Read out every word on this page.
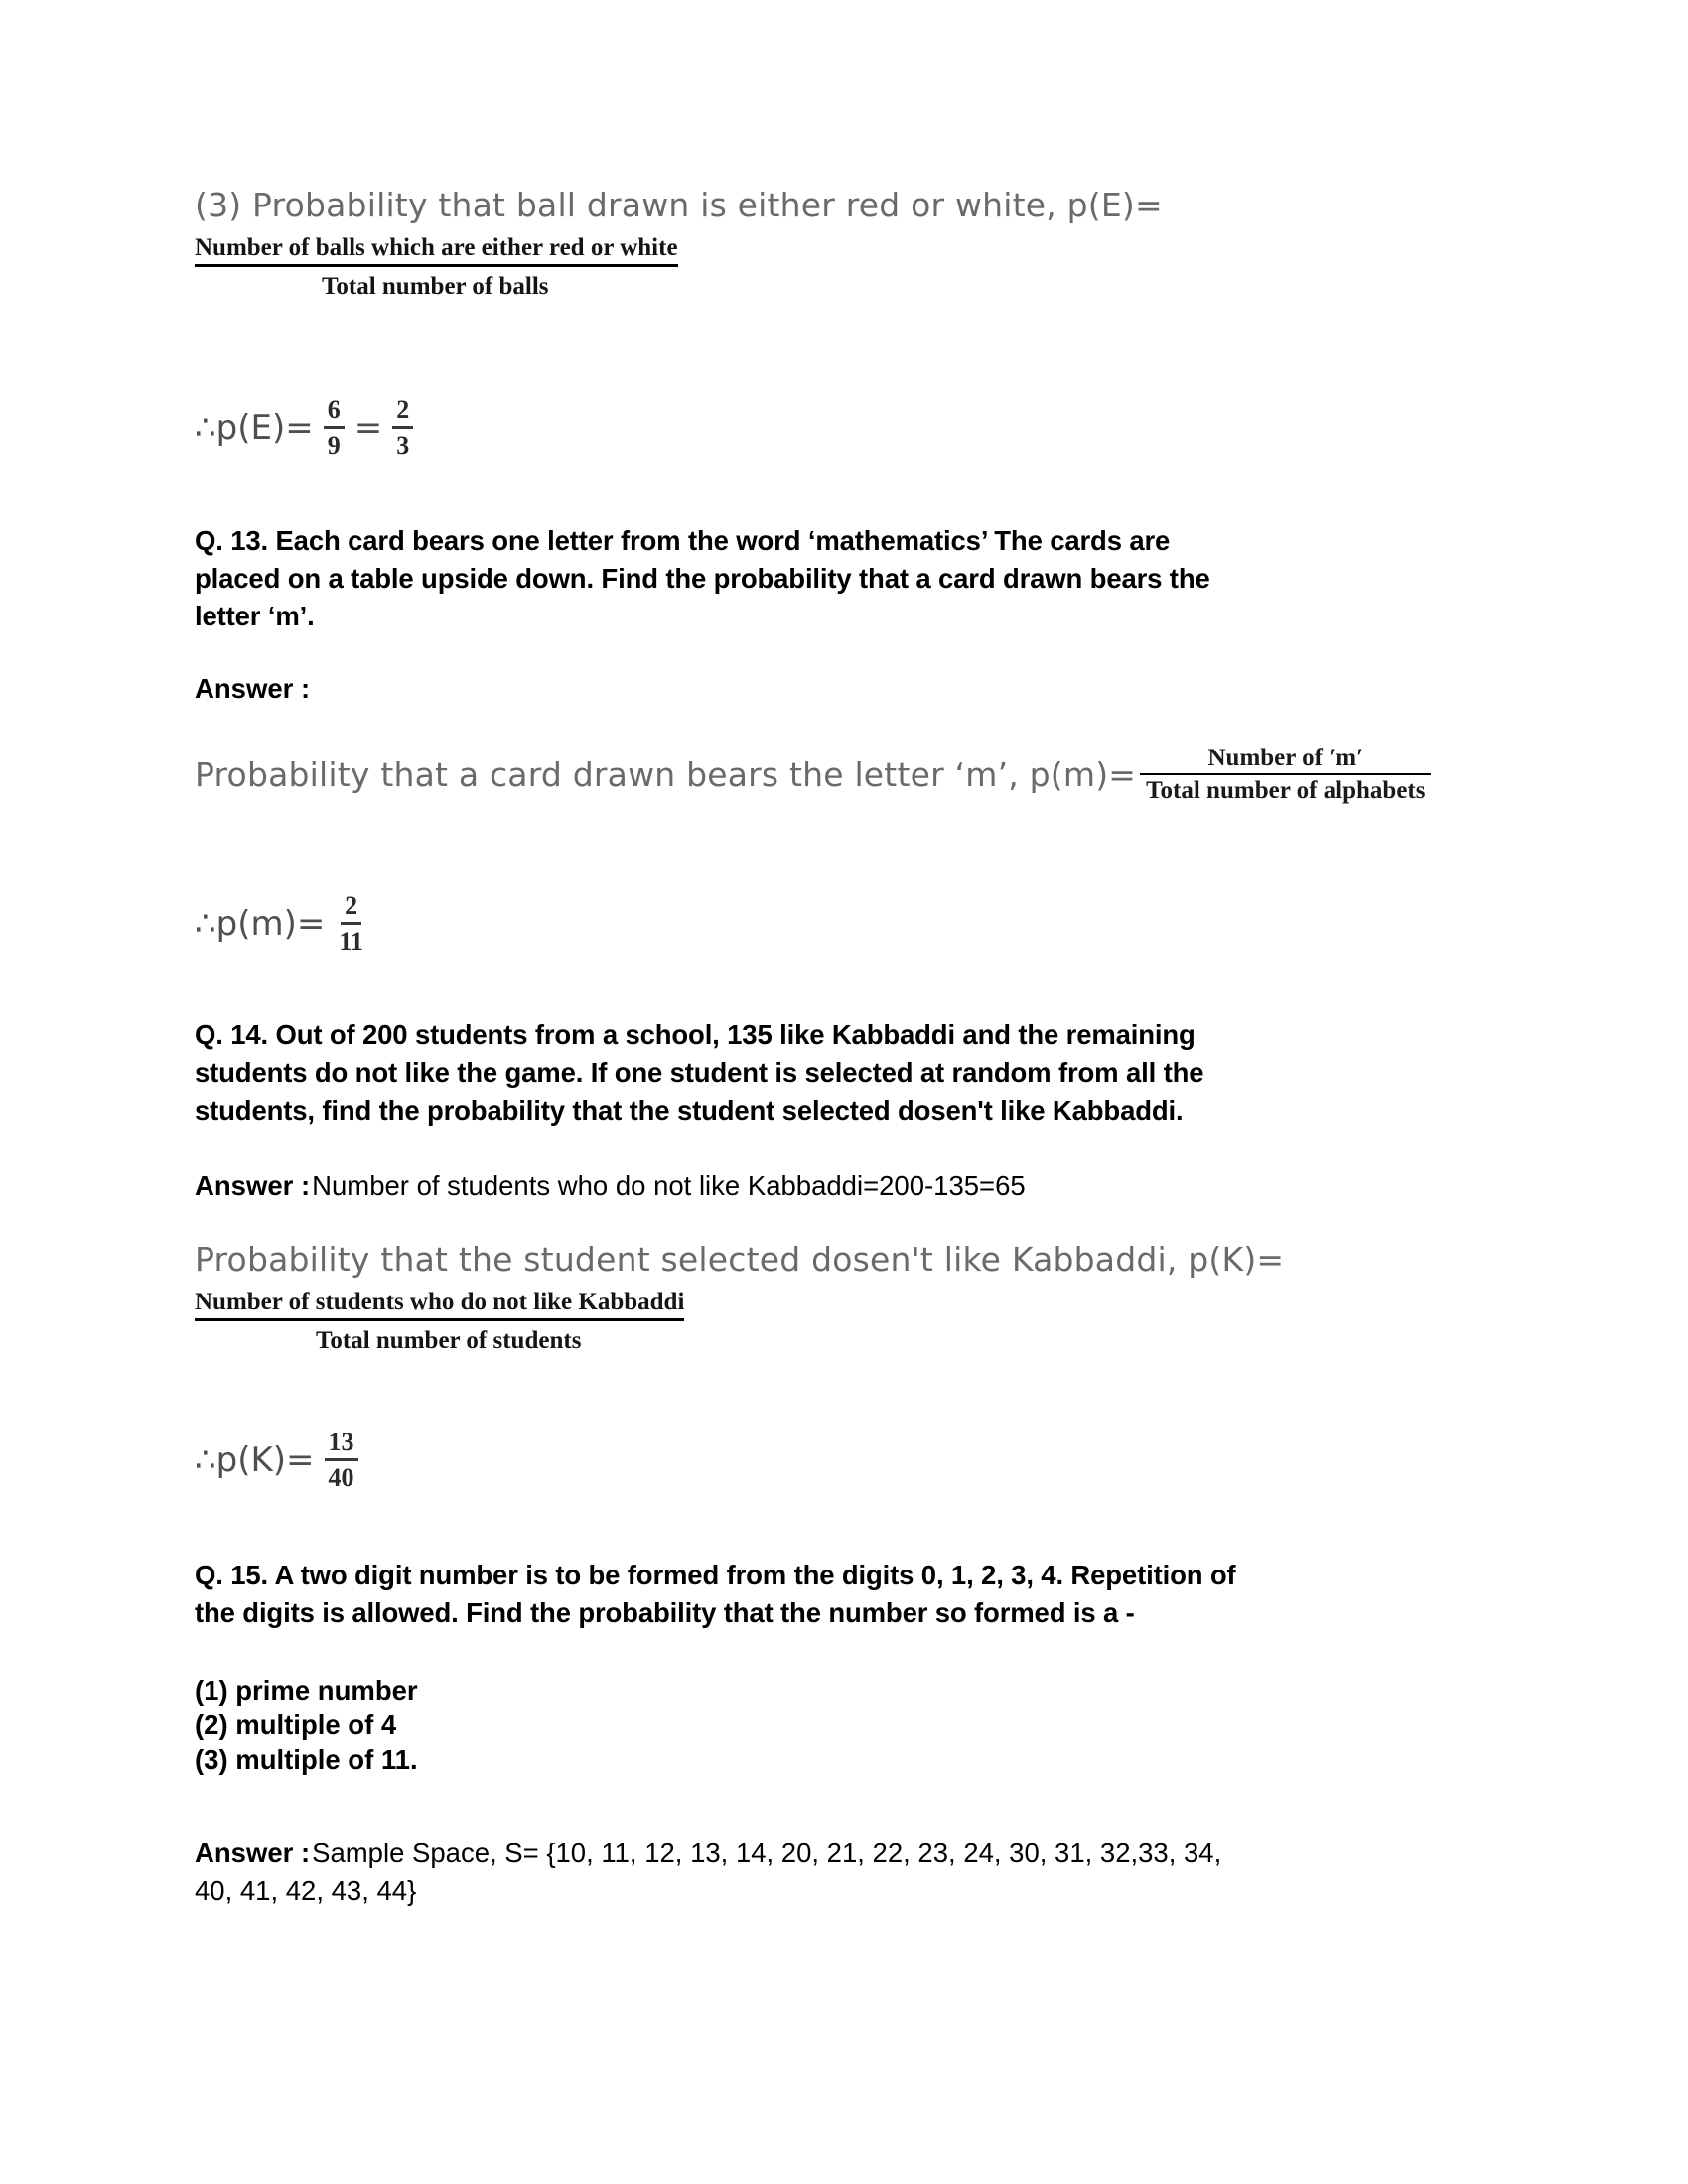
(3) Probability that ball drawn is either red or white, p(E)=
Number of balls which are either red or white
Total number of balls
∴p(E)= $\frac{6}{9} = \frac{2}{3}$
Q. 13. Each card bears one letter from the word ‘mathematics’ The cards are
placed on a table upside down. Find the probability that a card drawn bears the
letter ‘m’.
Answer :
Probability that a card drawn bears the letter ‘m’, $p(m)= \frac{\text{Number of ′m′}}{\text{Total number of alphabets}}$
∴p(m)= $\frac{2}{11}$
Q. 14. Out of 200 students from a school, 135 like Kabbaddi and the remaining
students do not like the game. If one student is selected at random from all the
students, find the probability that the student selected dosen't like Kabbaddi.
Answer :Number of students who do not like Kabbaddi=200-135=65
Probability that the student selected dosen't like Kabbaddi, p(K)=
Number of students who do not like Kabbaddi
Total number of students
∴p(K)= $\frac{13}{40}$
Q. 15. A two digit number is to be formed from the digits 0, 1, 2, 3, 4. Repetition of
the digits is allowed. Find the probability that the number so formed is a -
(1) prime number
(2) multiple of 4
(3) multiple of 11.
Answer :Sample Space, S= {10, 11, 12, 13, 14, 20, 21, 22, 23, 24, 30, 31, 32,33, 34,
40, 41, 42, 43, 44}
